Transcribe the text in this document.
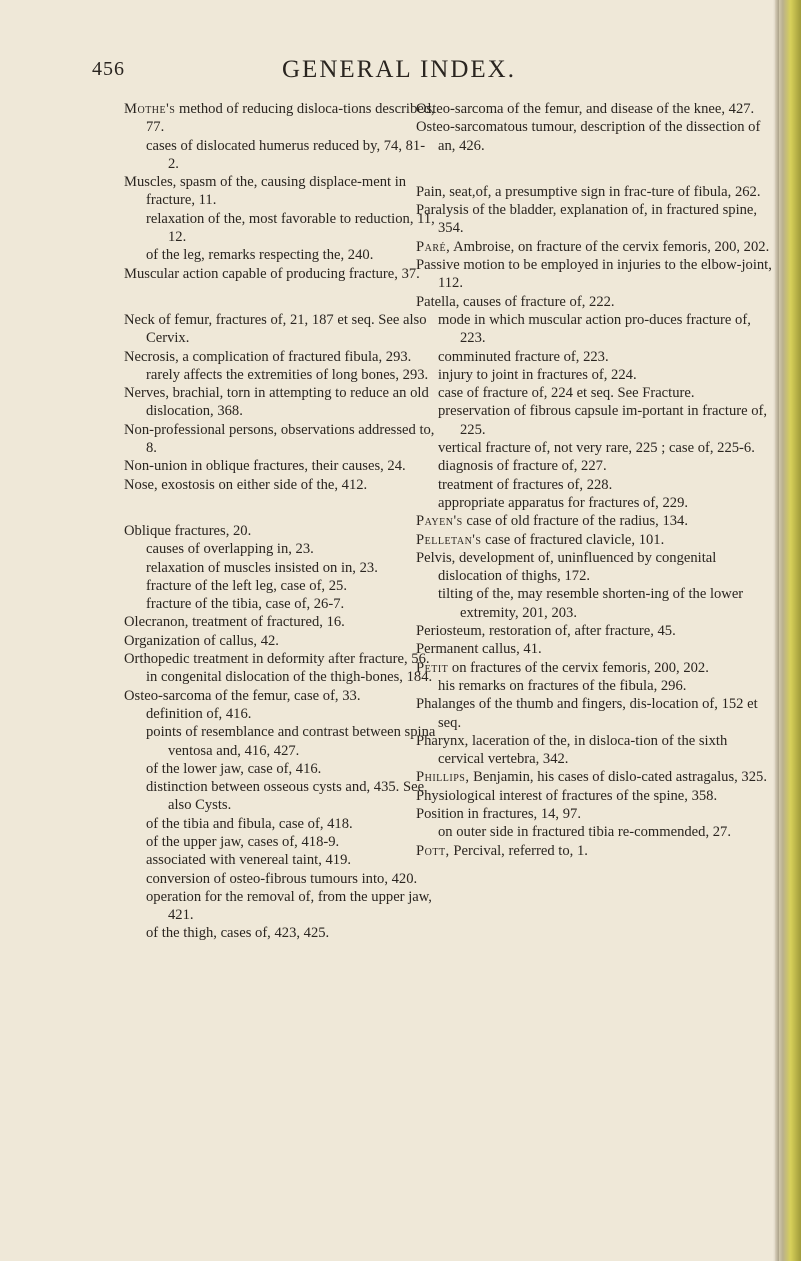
456	GENERAL INDEX.
Mothe's method of reducing disloca-tions described, 77.
cases of dislocated humerus reduced by, 74, 81-2.
Muscles, spasm of the, causing displace-ment in fracture, 11.
relaxation of the, most favorable to reduction, 11, 12.
of the leg, remarks respecting the, 240.
Muscular action capable of producing fracture, 37.
Neck of femur, fractures of, 21, 187 et seq. See also Cervix.
Necrosis, a complication of fractured fibula, 293.
rarely affects the extremities of long bones, 293.
Nerves, brachial, torn in attempting to reduce an old dislocation, 368.
Non-professional persons, observations addressed to, 8.
Non-union in oblique fractures, their causes, 24.
Nose, exostosis on either side of the, 412.
Oblique fractures, 20.
causes of overlapping in, 23.
relaxation of muscles insisted on in, 23.
fracture of the left leg, case of, 25.
fracture of the tibia, case of, 26-7.
Olecranon, treatment of fractured, 16.
Organization of callus, 42.
Orthopedic treatment in deformity after fracture, 56.
in congenital dislocation of the thigh-bones, 184.
Osteo-sarcoma of the femur, case of, 33.
definition of, 416.
points of resemblance and contrast between spina ventosa and, 416, 427.
of the lower jaw, case of, 416.
distinction between osseous cysts and, 435. See also Cysts.
of the tibia and fibula, case of, 418.
of the upper jaw, cases of, 418-9.
associated with venereal taint, 419.
conversion of osteo-fibrous tumours into, 420.
operation for the removal of, from the upper jaw, 421.
of the thigh, cases of, 423, 425.
Osteo-sarcoma of the femur, and disease of the knee, 427.
Osteo-sarcomatous tumour, description of the dissection of an, 426.
Pain, seat,of, a presumptive sign in frac-ture of fibula, 262.
Paralysis of the bladder, explanation of, in fractured spine, 354.
Paré, Ambroise, on fracture of the cervix femoris, 200, 202.
Passive motion to be employed in injuries to the elbow-joint, 112.
Patella, causes of fracture of, 222.
mode in which muscular action pro-duces fracture of, 223.
comminuted fracture of, 223.
injury to joint in fractures of, 224.
case of fracture of, 224 et seq. See Fracture.
preservation of fibrous capsule im-portant in fracture of, 225.
vertical fracture of, not very rare, 225 ; case of, 225-6.
diagnosis of fracture of, 227.
treatment of fractures of, 228.
appropriate apparatus for fractures of, 229.
Payen's case of old fracture of the radius, 134.
Pelletan's case of fractured clavicle, 101.
Pelvis, development of, uninfluenced by congenital dislocation of thighs, 172.
tilting of the, may resemble shorten-ing of the lower extremity, 201, 203.
Periosteum, restoration of, after fracture, 45.
Permanent callus, 41.
Petit on fractures of the cervix femoris, 200, 202.
his remarks on fractures of the fibula, 296.
Phalanges of the thumb and fingers, dis-location of, 152 et seq.
Pharynx, laceration of the, in disloca-tion of the sixth cervical vertebra, 342.
Phillips, Benjamin, his cases of dislo-cated astragalus, 325.
Physiological interest of fractures of the spine, 358.
Position in fractures, 14, 97.
on outer side in fractured tibia re-commended, 27.
Pott, Percival, referred to, 1.
